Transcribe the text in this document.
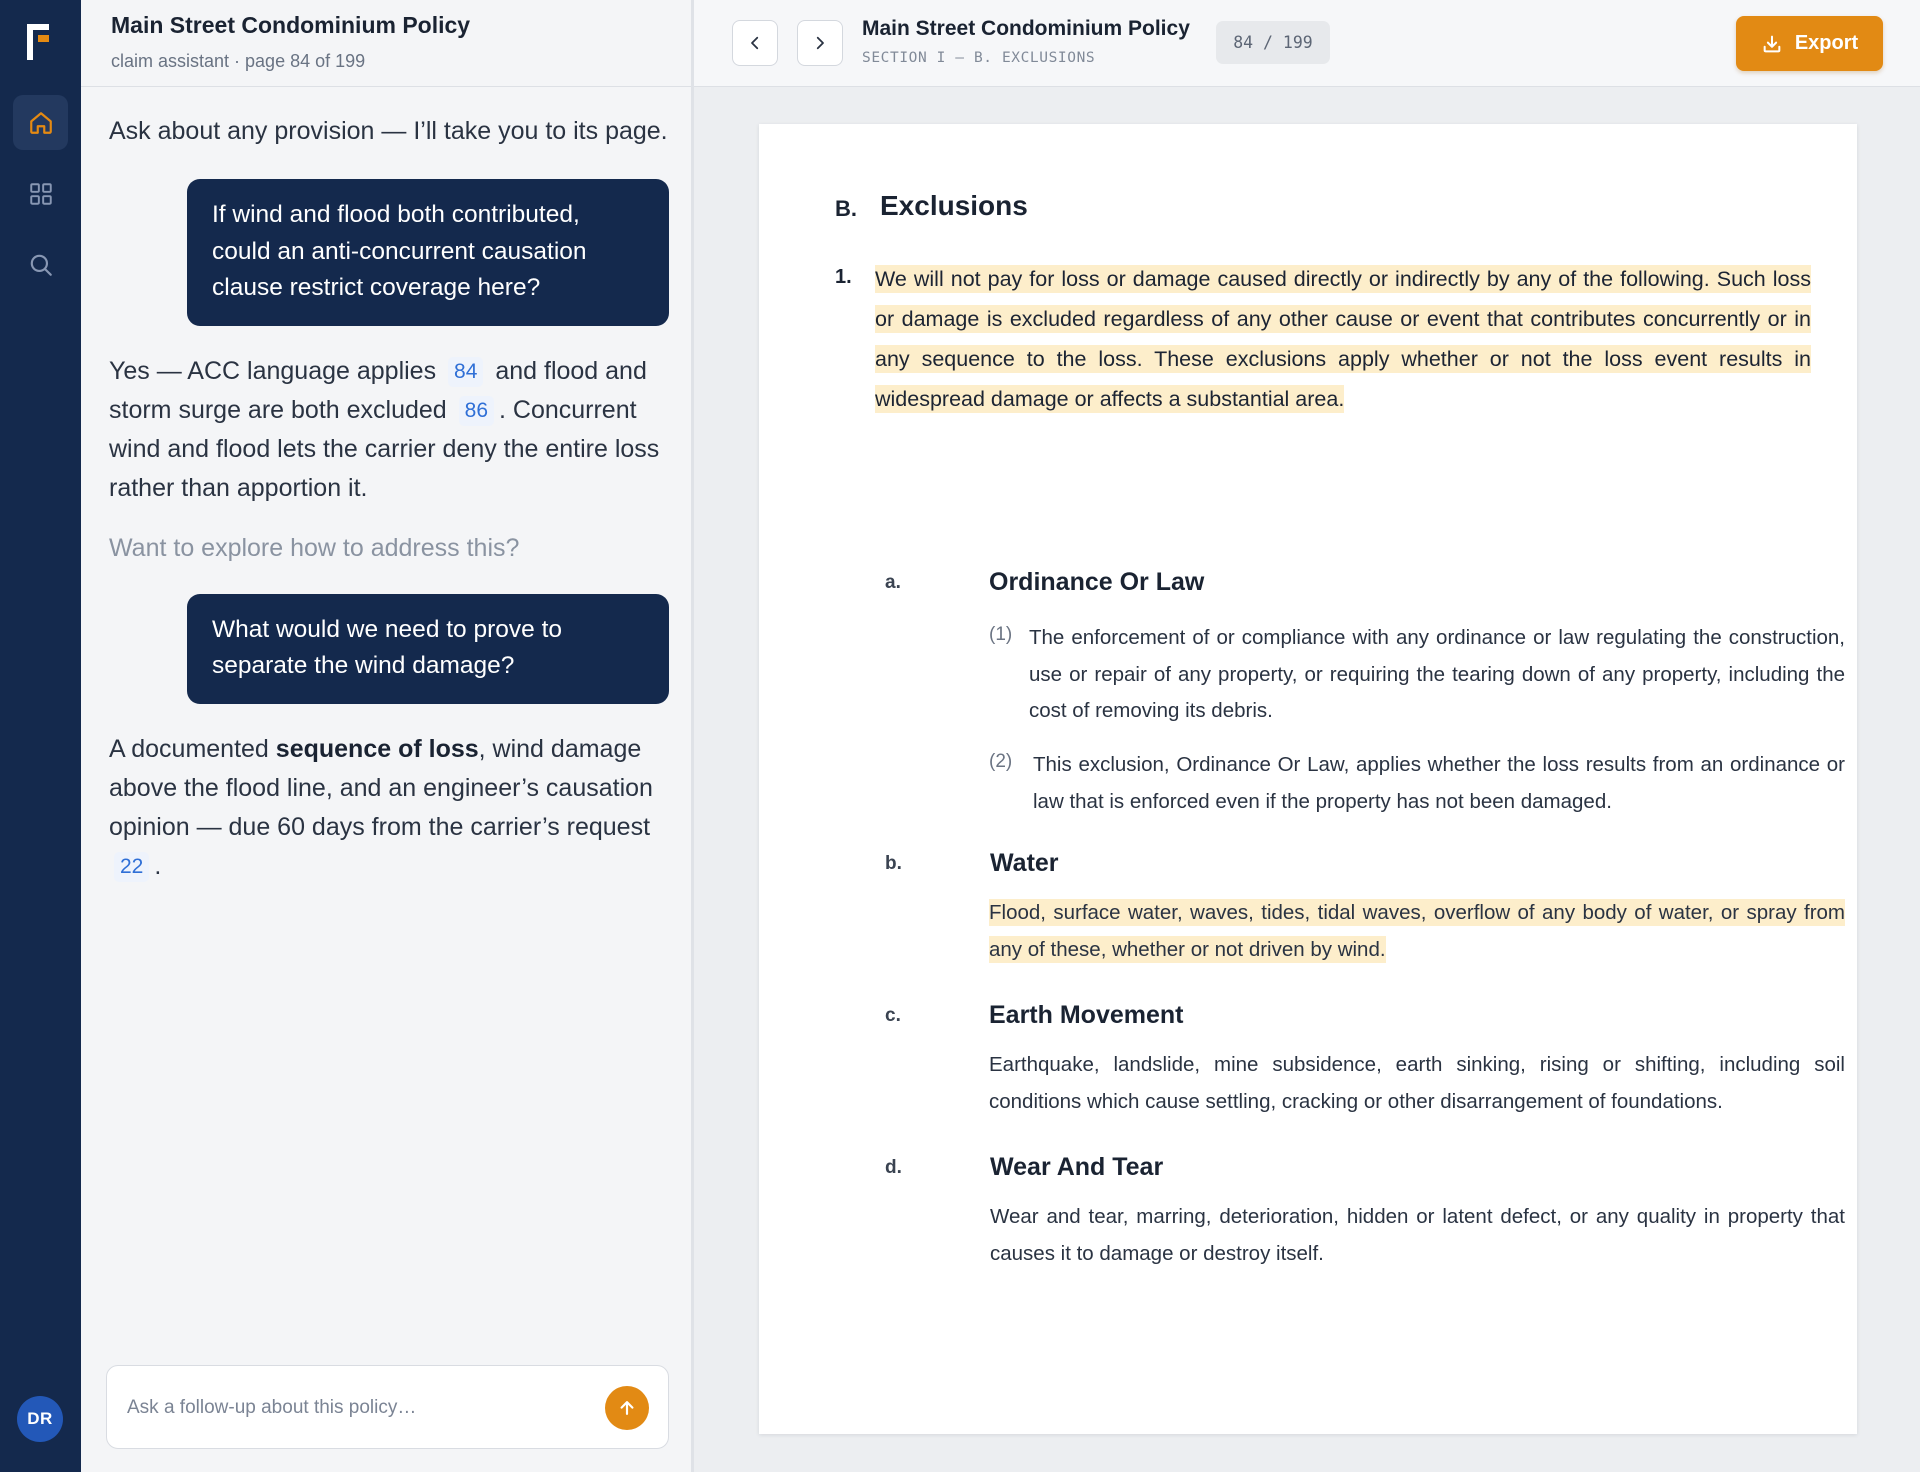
DR
Main Street Condominium Policy
claim assistant · page 84 of 199
Ask about any provision — I’ll take you to its page.
If wind and flood both contributed, could an anti-concurrent causation clause restrict coverage here?
Yes — ACC language applies 84 and flood and storm surge are both excluded 86 . Concurrent wind and flood lets the carrier deny the entire loss rather than apportion it.
Want to explore how to address this?
What would we need to prove to separate the wind damage?
A documented sequence of loss, wind damage above the flood line, and an engineer’s causation opinion — due 60 days from the carrier’s request 22 .
Ask a follow-up about this policy…
Main Street Condominium Policy
SECTION I — B. EXCLUSIONS
84 / 199	Export
B. Exclusions
1. We will not pay for loss or damage caused directly or indirectly by any of the following. Such loss or damage is excluded regardless of any other cause or event that contributes concurrently or in any sequence to the loss. These exclusions apply whether or not the loss event results in widespread damage or affects a substantial area.
a.	Ordinance Or Law
(1) The enforcement of or compliance with any ordinance or law regulating the construction, use or repair of any property, or requiring the tearing down of any property, including the cost of removing its debris.
(2) This exclusion, Ordinance Or Law, applies whether the loss results from an ordinance or law that is enforced even if the property has not been damaged.
b.	Water
Flood, surface water, waves, tides, tidal waves, overflow of any body of water, or spray from any of these, whether or not driven by wind.
c.	Earth Movement
Earthquake, landslide, mine subsidence, earth sinking, rising or shifting, including soil conditions which cause settling, cracking or other disarrangement of foundations.
d.	Wear And Tear
Wear and tear, marring, deterioration, hidden or latent defect, or any quality in property that causes it to damage or destroy itself.
